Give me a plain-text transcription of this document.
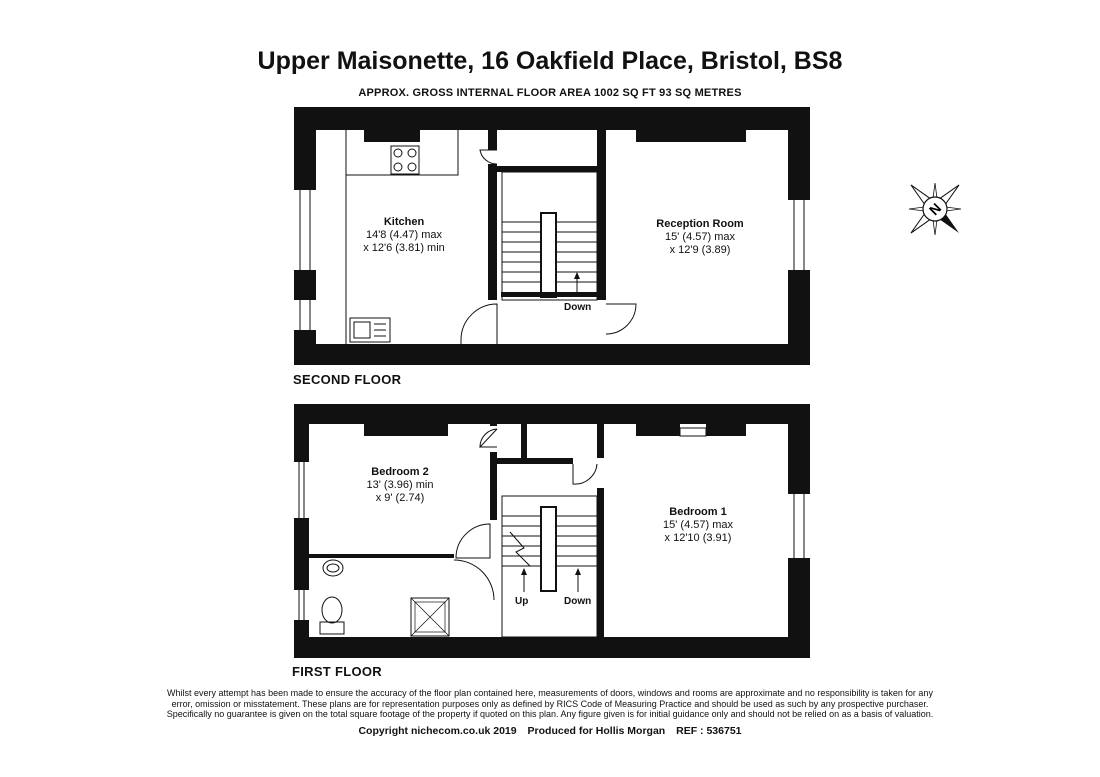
Upper Maisonette, 16 Oakfield Place, Bristol, BS8
APPROX. GROSS INTERNAL FLOOR AREA 1002 SQ FT 93 SQ METRES
N
Kitchen
14'8 (4.47) max
x 12'6 (3.81) min
Reception Room
15' (4.57) max
x 12'9 (3.89)
Down
SECOND FLOOR
Bedroom 2
13' (3.96) min
x 9' (2.74)
Bedroom 1
15' (4.57) max
x 12'10 (3.91)
Up	Down
FIRST FLOOR
Whilst every attempt has been made to ensure the accuracy of the floor plan contained here, measurements of doors, windows and rooms are approximate and no responsibility is taken for any
error, omission or misstatement. These plans are for representation purposes only as defined by RICS Code of Measuring Practice and should be used as such by any prospective purchaser.
Specifically no guarantee is given on the total square footage of the property if quoted on this plan. Any figure given is for initial guidance only and should not be relied on as a basis of valuation.
Copyright nichecom.co.uk 2019 Produced for Hollis Morgan REF : 536751
